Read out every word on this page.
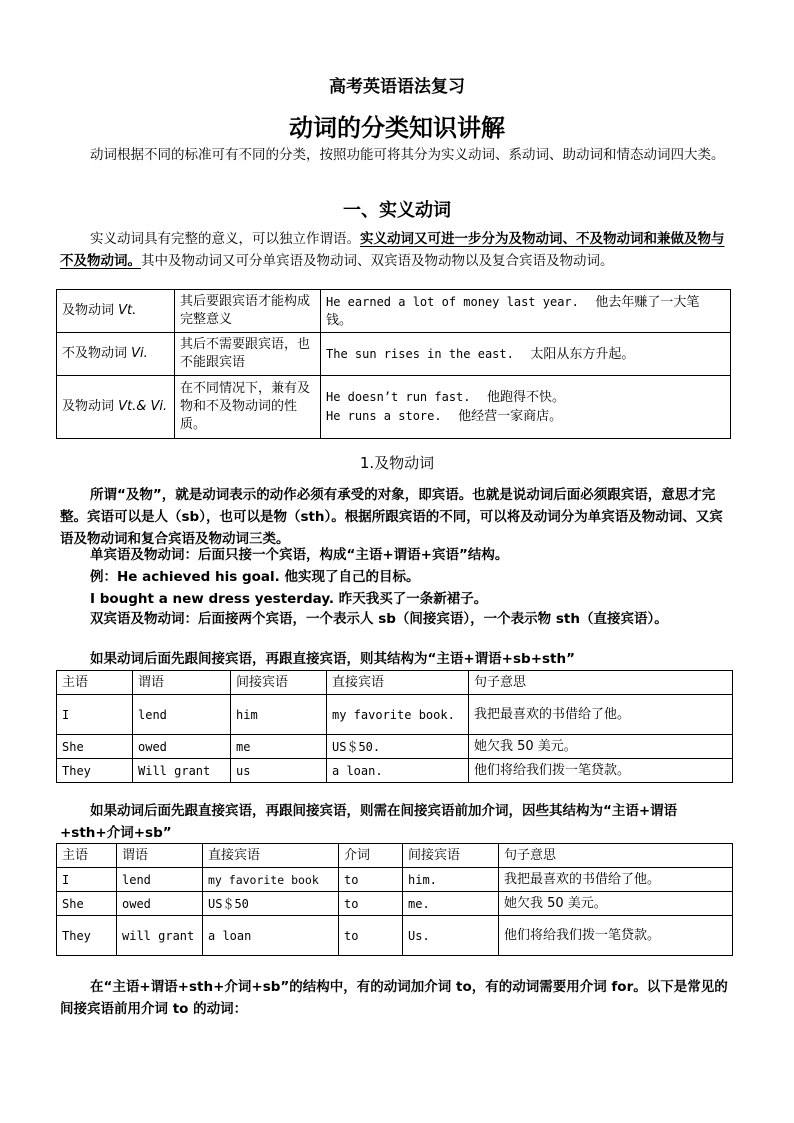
高考英语语法复习
动词的分类知识讲解
动词根据不同的标准可有不同的分类，按照功能可将其分为实义动词、系动词、助动词和情态动词四大类。
一、实义动词
实义动词具有完整的意义，可以独立作谓语。实义动词又可进一步分为及物动词、不及物动词和兼做及物与不及物动词。其中及物动词又可分单宾语及物动词、双宾语及物动物以及复合宾语及物动词。
及物动词 Vt.	其后要跟宾语才能构成完整意义	He earned a lot of money last year. 他去年赚了一大笔钱。
不及物动词 Vi.	其后不需要跟宾语，也不能跟宾语	The sun rises in the east. 太阳从东方升起。
及物动词 Vt.& Vi.	在不同情况下，兼有及物和不及物动词的性质。	He doesn’t run fast. 他跑得不快。
He runs a store. 他经营一家商店。
1.及物动词
所谓“及物”，就是动词表示的动作必须有承受的对象，即宾语。也就是说动词后面必须跟宾语，意思才完整。宾语可以是人（sb），也可以是物（sth）。根据所跟宾语的不同，可以将及动词分为单宾语及物动词、又宾语及物动词和复合宾语及物动词三类。
单宾语及物动词：后面只接一个宾语，构成“主语+谓语+宾语”结构。
例：He achieved his goal. 他实现了自己的目标。
I bought a new dress yesterday. 昨天我买了一条新裙子。
双宾语及物动词：后面接两个宾语，一个表示人 sb（间接宾语），一个表示物 sth（直接宾语）。
如果动词后面先跟间接宾语，再跟直接宾语，则其结构为“主语+谓语+sb+sth”
主语	谓语	间接宾语	直接宾语	句子意思
I	lend	him	my favorite book.	我把最喜欢的书借给了他。
She	owed	me	US＄50.	她欠我 50 美元。
They	Will grant	us	a loan.	他们将给我们拨一笔贷款。
如果动词后面先跟直接宾语，再跟间接宾语，则需在间接宾语前加介词，因些其结构为“主语+谓语+sth+介词+sb”
主语	谓语	直接宾语	介词	间接宾语	句子意思
I	lend	my favorite book	to	him.	我把最喜欢的书借给了他。
She	owed	US＄50	to	me.	她欠我 50 美元。
They	will grant	a loan	to	Us.	他们将给我们拨一笔贷款。
在“主语+谓语+sth+介词+sb”的结构中，有的动词加介词 to，有的动词需要用介词 for。以下是常见的间接宾语前用介词 to 的动词：
